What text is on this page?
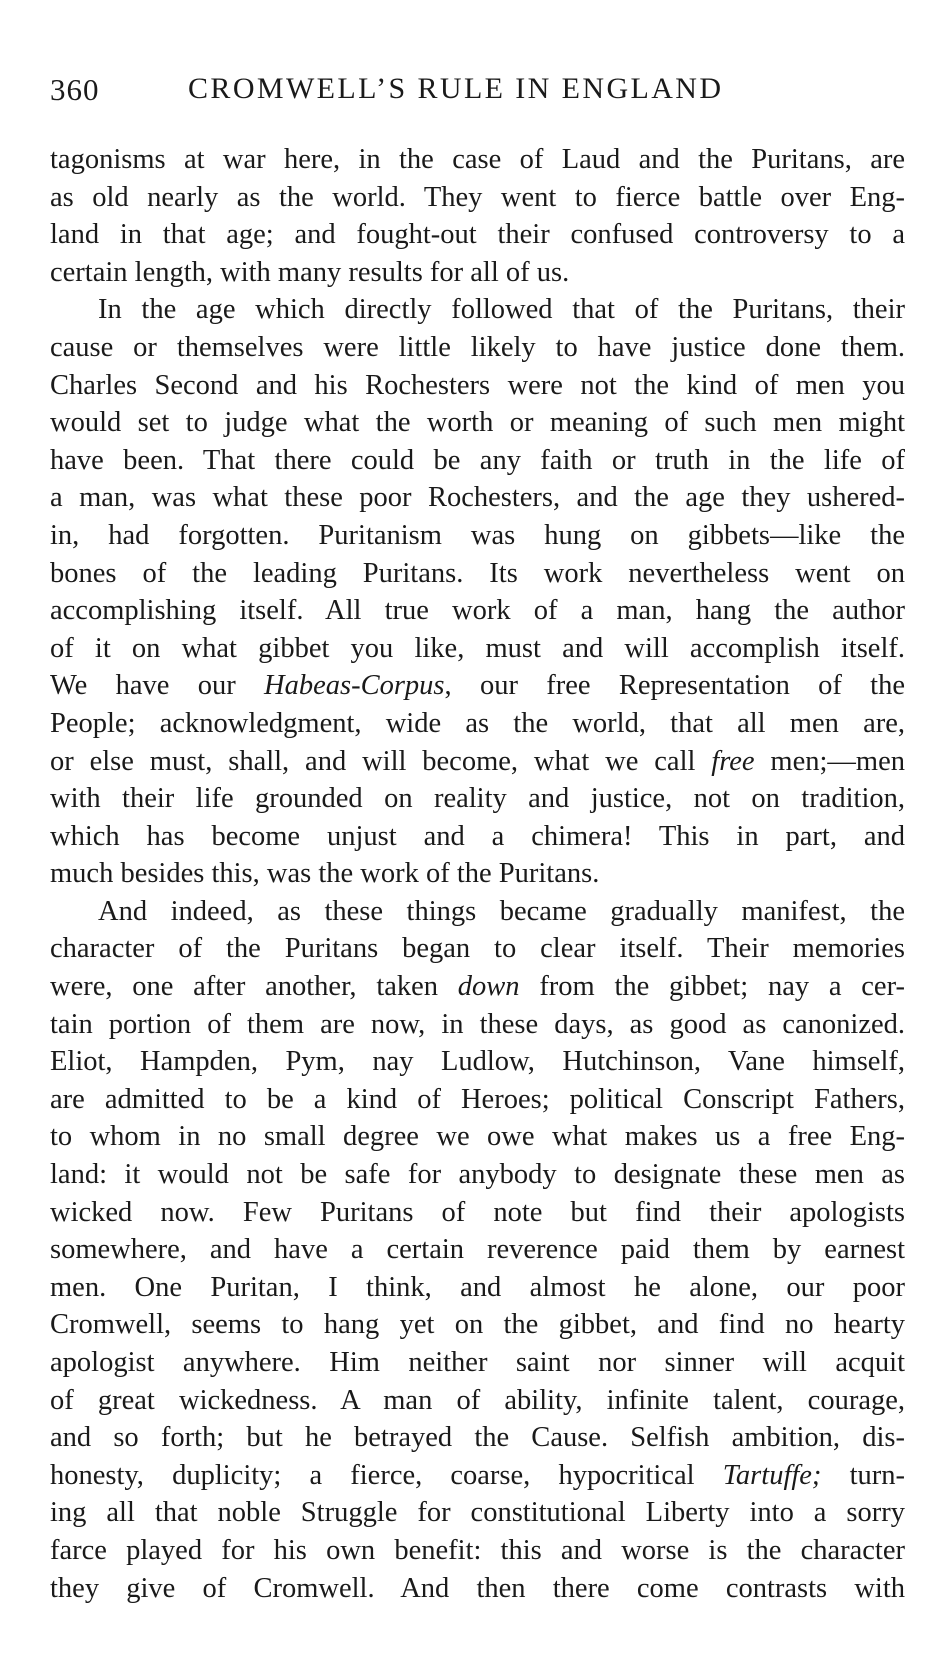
360	CROMWELL’S RULE IN ENGLAND
tagonisms at war here, in the case of Laud and the Puritans, are
as old nearly as the world. They went to fierce battle over Eng-
land in that age; and fought-out their confused controversy to a
certain length, with many results for all of us.
In the age which directly followed that of the Puritans, their
cause or themselves were little likely to have justice done them.
Charles Second and his Rochesters were not the kind of men you
would set to judge what the worth or meaning of such men might
have been. That there could be any faith or truth in the life of
a man, was what these poor Rochesters, and the age they ushered-
in, had forgotten. Puritanism was hung on gibbets—like the
bones of the leading Puritans. Its work nevertheless went on
accomplishing itself. All true work of a man, hang the author
of it on what gibbet you like, must and will accomplish itself.
We have our Habeas-Corpus, our free Representation of the
People; acknowledgment, wide as the world, that all men are,
or else must, shall, and will become, what we call free men;—men
with their life grounded on reality and justice, not on tradition,
which has become unjust and a chimera! This in part, and
much besides this, was the work of the Puritans.
And indeed, as these things became gradually manifest, the
character of the Puritans began to clear itself. Their memories
were, one after another, taken down from the gibbet; nay a cer-
tain portion of them are now, in these days, as good as canonized.
Eliot, Hampden, Pym, nay Ludlow, Hutchinson, Vane himself,
are admitted to be a kind of Heroes; political Conscript Fathers,
to whom in no small degree we owe what makes us a free Eng-
land: it would not be safe for anybody to designate these men as
wicked now. Few Puritans of note but find their apologists
somewhere, and have a certain reverence paid them by earnest
men. One Puritan, I think, and almost he alone, our poor
Cromwell, seems to hang yet on the gibbet, and find no hearty
apologist anywhere. Him neither saint nor sinner will acquit
of great wickedness. A man of ability, infinite talent, courage,
and so forth; but he betrayed the Cause. Selfish ambition, dis-
honesty, duplicity; a fierce, coarse, hypocritical Tartuffe; turn-
ing all that noble Struggle for constitutional Liberty into a sorry
farce played for his own benefit: this and worse is the character
they give of Cromwell. And then there come contrasts with
